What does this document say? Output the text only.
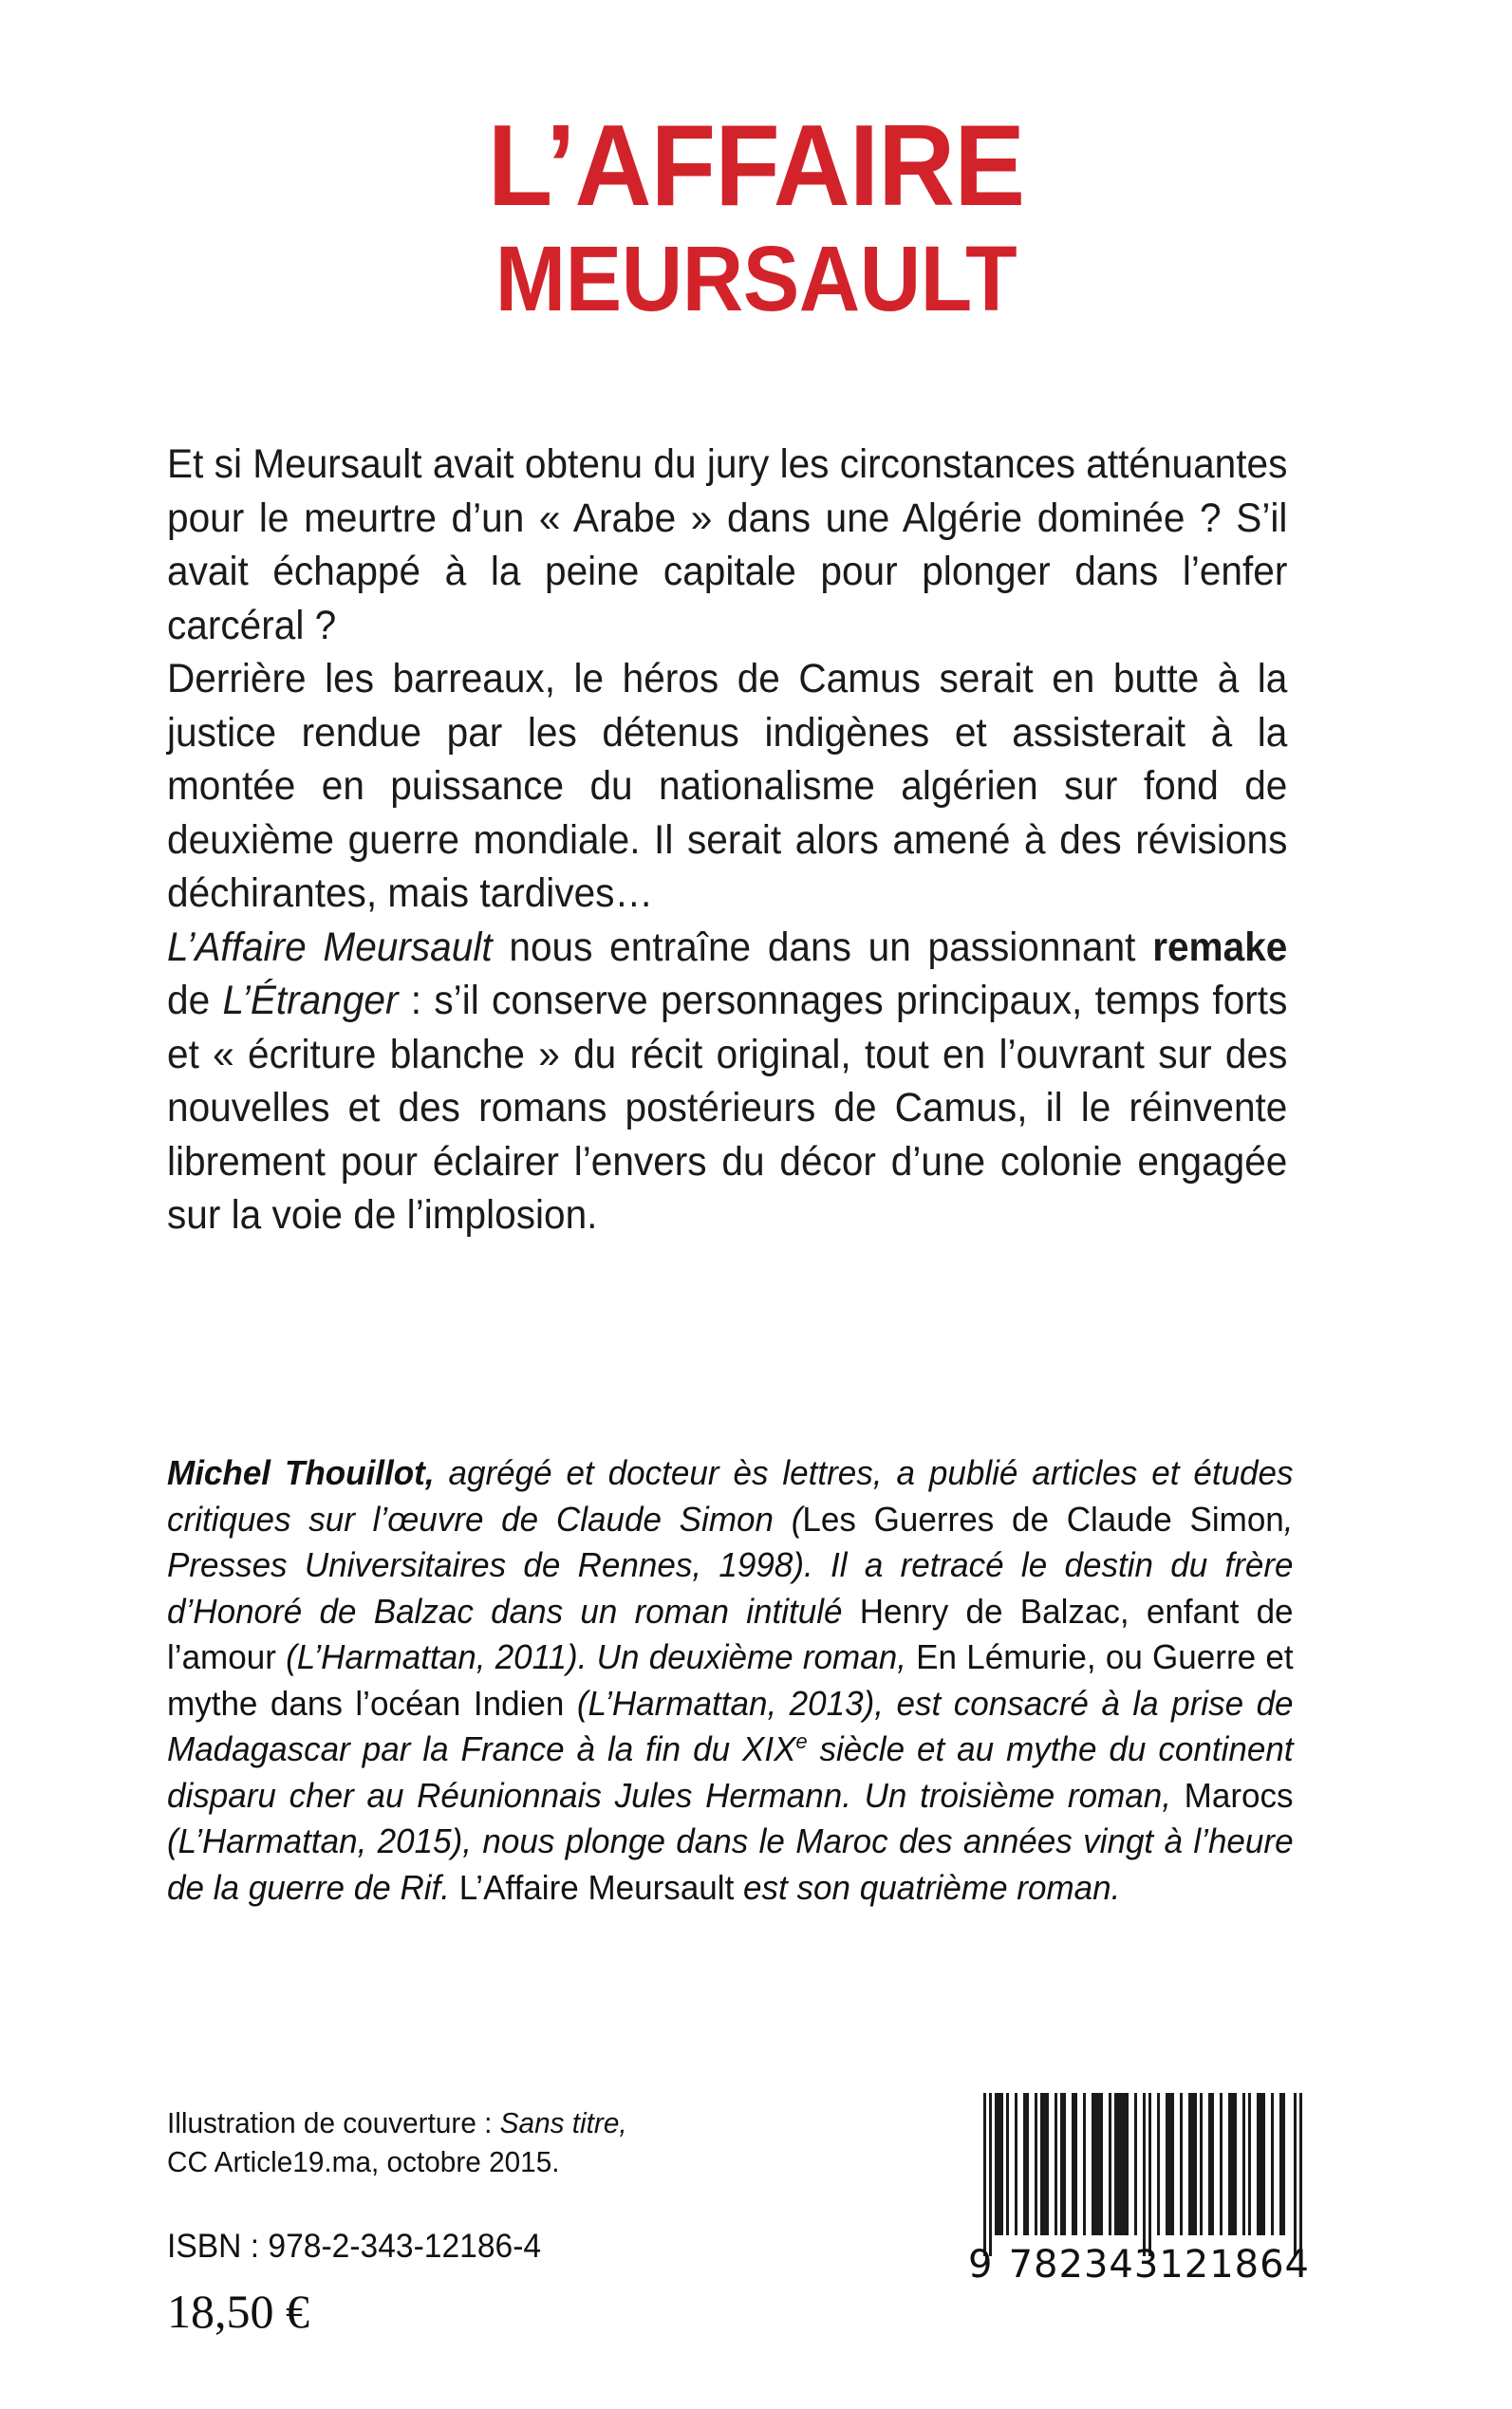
L’AFFAIRE
MEURSAULT

Et si Meursault avait obtenu du jury les circonstances atténuantes pour le meurtre d’un « Arabe » dans une Algérie dominée ? S’il avait échappé à la peine capitale pour plonger dans l’enfer carcéral ?

Derrière les barreaux, le héros de Camus serait en butte à la justice rendue par les détenus indigènes et assisterait à la montée en puissance du nationalisme algérien sur fond de deuxième guerre mondiale. Il serait alors amené à des révisions déchirantes, mais tardives…

L’Affaire Meursault nous entraîne dans un passionnant remake de L’Étranger : s’il conserve personnages principaux, temps forts et « écriture blanche » du récit original, tout en l’ouvrant sur des nouvelles et des romans postérieurs de Camus, il le réinvente librement pour éclairer l’envers du décor d’une colonie engagée sur la voie de l’implosion.

Michel Thouillot, agrégé et docteur ès lettres, a publié articles et études critiques sur l’œuvre de Claude Simon (Les Guerres de Claude Simon, Presses Universitaires de Rennes, 1998). Il a retracé le destin du frère d’Honoré de Balzac dans un roman intitulé Henry de Balzac, enfant de l’amour (L’Harmattan, 2011). Un deuxième roman, En Lémurie, ou Guerre et mythe dans l’océan Indien (L’Harmattan, 2013), est consacré à la prise de Madagascar par la France à la fin du XIXe siècle et au mythe du continent disparu cher au Réunionnais Jules Hermann. Un troisième roman, Marocs (L’Harmattan, 2015), nous plonge dans le Maroc des années vingt à l’heure de la guerre de Rif. L’Affaire Meursault est son quatrième roman.

Illustration de couverture : Sans titre,
CC Article19.ma, octobre 2015.
ISBN : 978-2-343-12186-4
18,50 €
9 782343 121864
